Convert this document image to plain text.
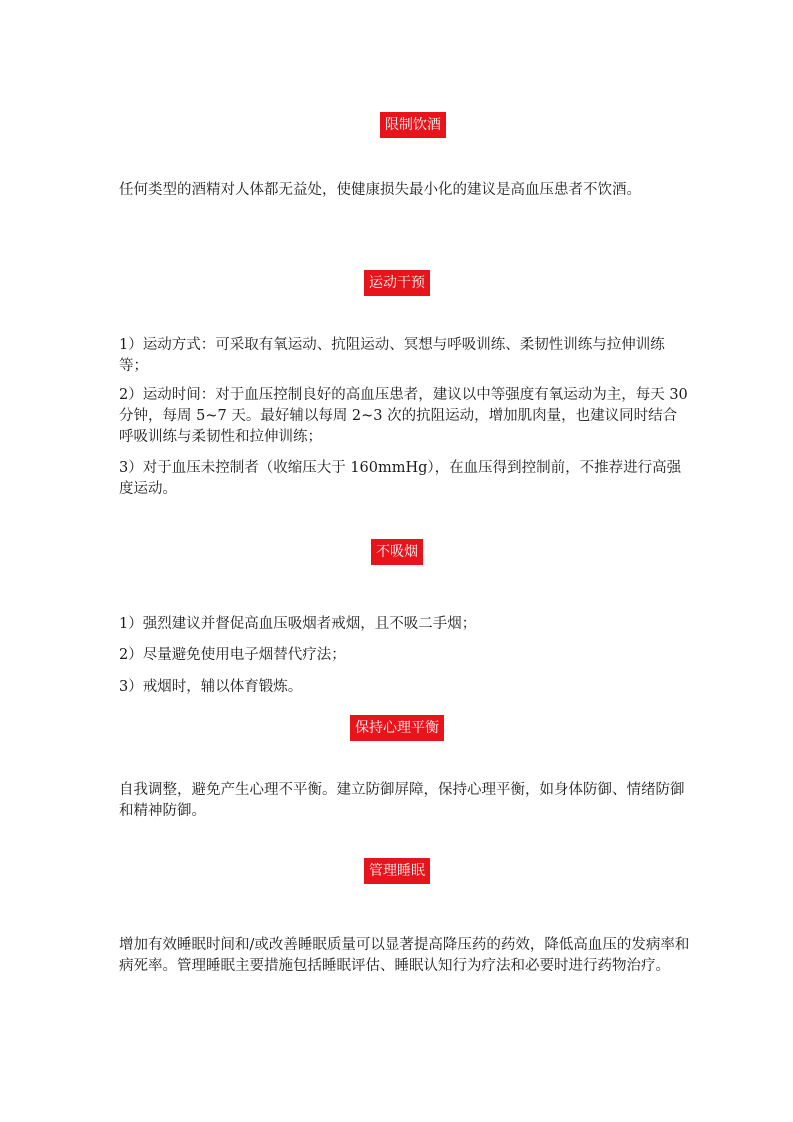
限制饮酒

任何类型的酒精对人体都无益处，使健康损失最小化的建议是高血压患者不饮酒。

运动干预

1）运动方式：可采取有氧运动、抗阻运动、冥想与呼吸训练、柔韧性训练与拉伸训练等；

2）运动时间：对于血压控制良好的高血压患者，建议以中等强度有氧运动为主，每天 30 分钟，每周 5~7 天。最好辅以每周 2~3 次的抗阻运动，增加肌肉量，也建议同时结合呼吸训练与柔韧性和拉伸训练；

3）对于血压未控制者（收缩压大于 160mmHg），在血压得到控制前，不推荐进行高强度运动。

不吸烟

1）强烈建议并督促高血压吸烟者戒烟，且不吸二手烟；

2）尽量避免使用电子烟替代疗法；

3）戒烟时，辅以体育锻炼。

保持心理平衡

自我调整，避免产生心理不平衡。建立防御屏障，保持心理平衡，如身体防御、情绪防御和精神防御。

管理睡眠

增加有效睡眠时间和/或改善睡眠质量可以显著提高降压药的药效，降低高血压的发病率和病死率。管理睡眠主要措施包括睡眠评估、睡眠认知行为疗法和必要时进行药物治疗。
